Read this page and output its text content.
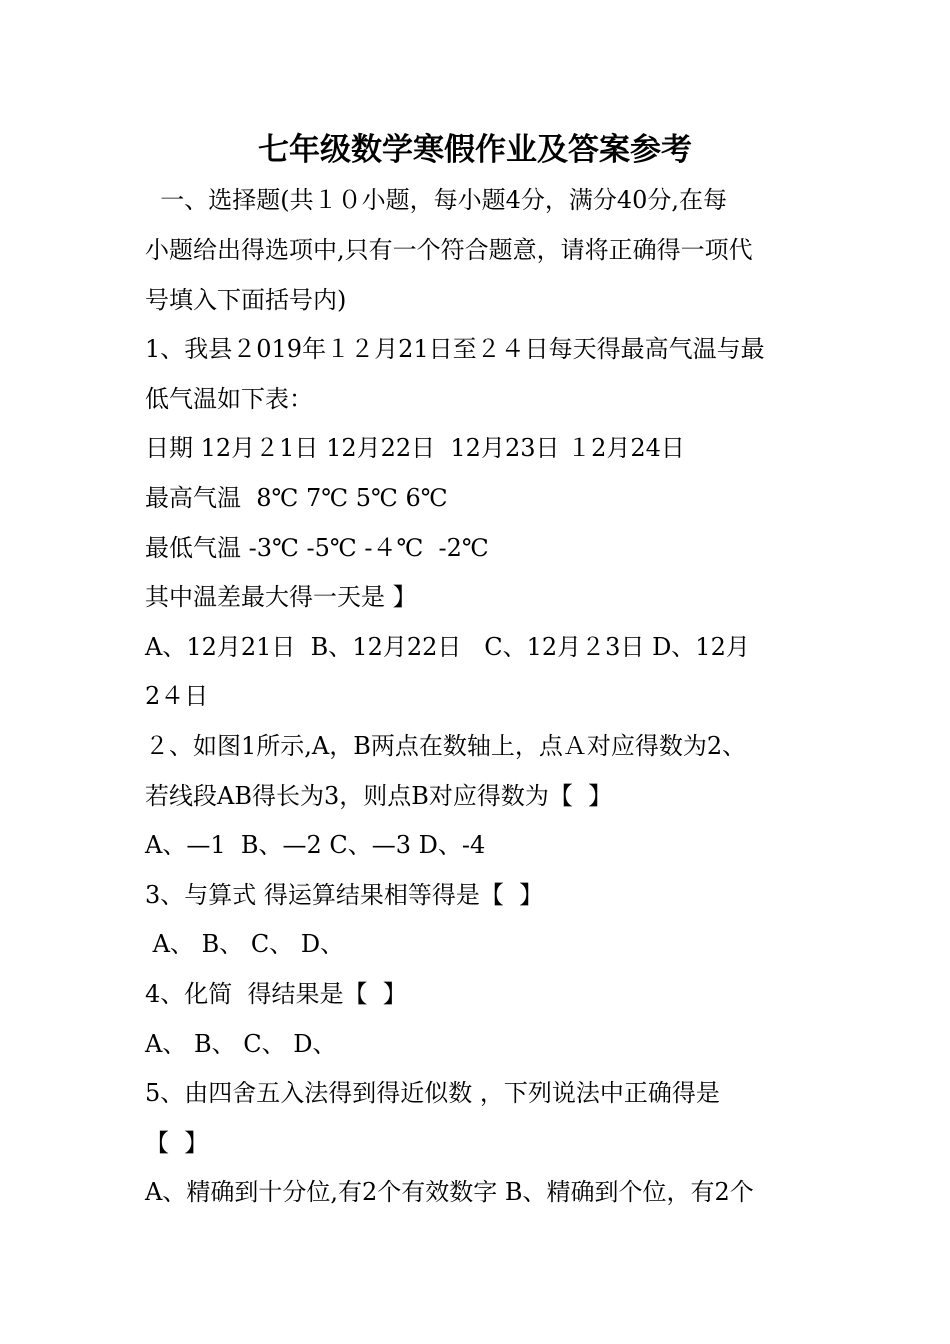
七年级数学寒假作业及答案参考
一、选择题(共１０小题，每小题4分，满分40分,在每
小题给出得选项中,只有一个符合题意，请将正确得一项代
号填入下面括号内)
1、我县２019年１２月21日至２４日每天得最高气温与最
低气温如下表：
日期 12月２1日 12月22日  12月23日 １2月24日
最高气温  8℃ 7℃ 5℃ 6℃
最低气温 -3℃ -5℃ -４℃  -2℃
其中温差最大得一天是 】
A、12月21日  B、12月22日   C、12月２3日 D、12月
2４日
２、如图1所示,A，B两点在数轴上，点Ａ对应得数为2、
若线段AB得长为3，则点B对应得数为【  】
A、—1  B、—2 C、—3 D、-4
3、与算式 得运算结果相等得是【  】
A、 B、 C、 D、
4、化简  得结果是【  】
A、 B、 C、 D、
5、由四舍五入法得到得近似数 ，下列说法中正确得是
【  】
A、精确到十分位,有2个有效数字 B、精确到个位，有2个
